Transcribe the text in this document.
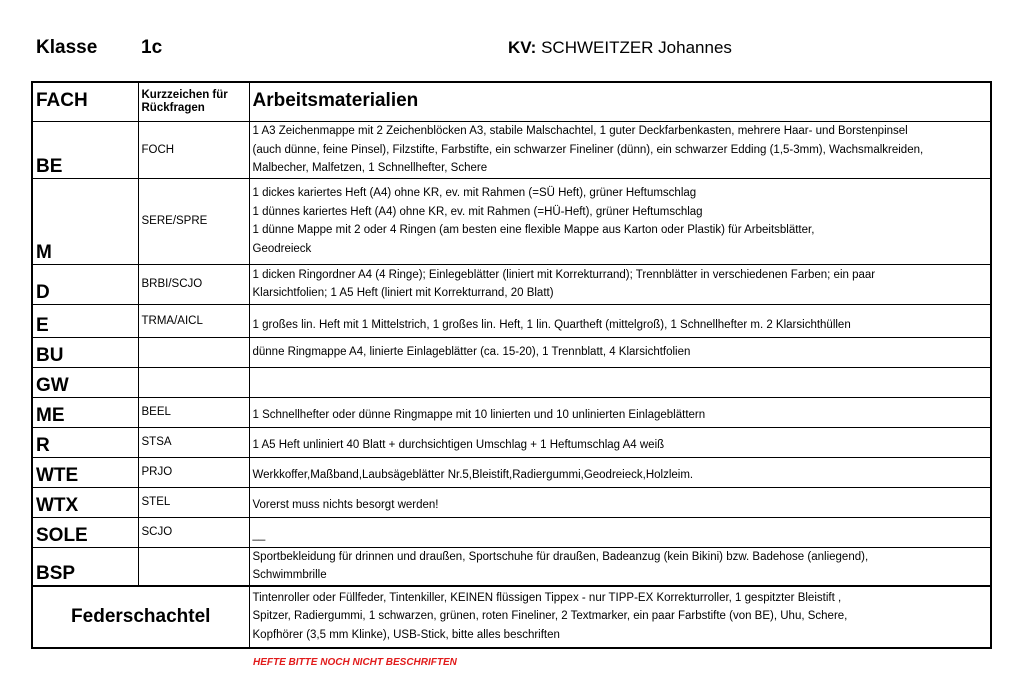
Klasse 1c	KV: SCHWEITZER Johannes
FACH	Kurzzeichen für Rückfragen	Arbeitsmaterialien
BE	FOCH	1 A3 Zeichenmappe mit 2 Zeichenblöcken A3, stabile Malschachtel, 1 guter Deckfarbenkasten, mehrere Haar- und Borstenpinsel
(auch dünne, feine Pinsel), Filzstifte, Farbstifte, ein schwarzer Fineliner (dünn), ein schwarzer Edding (1,5-3mm), Wachsmalkreiden,
Malbecher, Malfetzen, 1 Schnellhefter, Schere

M	SERE/SPRE	1 dickes kariertes Heft (A4) ohne KR, ev. mit Rahmen (=SÜ Heft), grüner Heftumschlag
1 dünnes kariertes Heft (A4) ohne KR, ev. mit Rahmen (=HÜ-Heft), grüner Heftumschlag
1 dünne Mappe mit 2 oder 4 Ringen (am besten eine flexible Mappe aus Karton oder Plastik) für Arbeitsblätter,
Geodreieck

D	BRBI/SCJO	1 dicken Ringordner A4 (4 Ringe); Einlegeblätter (liniert mit Korrekturrand); Trennblätter in verschiedenen Farben; ein paar
Klarsichtfolien; 1 A5 Heft (liniert mit Korrekturrand, 20 Blatt)

E	TRMA/AICL	1 großes lin. Heft mit 1 Mittelstrich, 1 großes lin. Heft, 1 lin. Quartheft (mittelgroß), 1 Schnellhefter m. 2 Klarsichthüllen

BU		dünne Ringmappe A4, linierte Einlageblätter (ca. 15-20), 1 Trennblatt, 4 Klarsichtfolien

GW		
ME	BEEL	1 Schnellhefter oder dünne Ringmappe mit 10 linierten und 10 unlinierten Einlageblättern

R	STSA	1 A5 Heft unliniert 40 Blatt + durchsichtigen Umschlag + 1 Heftumschlag A4 weiß

WTE	PRJO	Werkkoffer,Maßband,Laubsägeblätter Nr.5,Bleistift,Radiergummi,Geodreieck,Holzleim.

WTX	STEL	Vorerst muss nichts besorgt werden!

SOLE	SCJO	__

BSP		Sportbekleidung für drinnen und draußen, Sportschuhe für draußen, Badeanzug (kein Bikini) bzw. Badehose (anliegend),
Schwimmbrille

Federschachtel		Tintenroller oder Füllfeder, Tintenkiller, KEINEN flüssigen Tippex - nur TIPP-EX Korrekturroller, 1 gespitzter Bleistift ,
Spitzer, Radiergummi, 1 schwarzen, grünen, roten Fineliner, 2 Textmarker, ein paar Farbstifte (von BE), Uhu, Schere,
Kopfhörer (3,5 mm Klinke), USB-Stick, bitte alles beschriften
HEFTE BITTE NOCH NICHT BESCHRIFTEN
